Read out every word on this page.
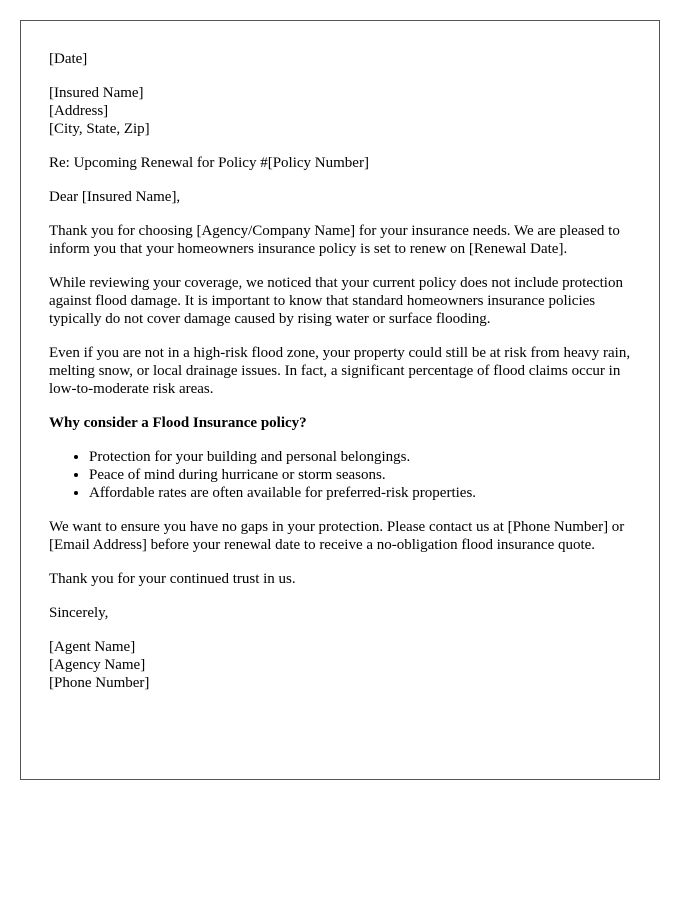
[Date]

[Insured Name]
[Address]
[City, State, Zip]

Re: Upcoming Renewal for Policy #[Policy Number]

Dear [Insured Name],

Thank you for choosing [Agency/Company Name] for your insurance needs. We are pleased to inform you that your homeowners insurance policy is set to renew on [Renewal Date].

While reviewing your coverage, we noticed that your current policy does not include protection against flood damage. It is important to know that standard homeowners insurance policies typically do not cover damage caused by rising water or surface flooding.

Even if you are not in a high-risk flood zone, your property could still be at risk from heavy rain, melting snow, or local drainage issues. In fact, a significant percentage of flood claims occur in low-to-moderate risk areas.

Why consider a Flood Insurance policy?

• Protection for your building and personal belongings.
• Peace of mind during hurricane or storm seasons.
• Affordable rates are often available for preferred-risk properties.

We want to ensure you have no gaps in your protection. Please contact us at [Phone Number] or [Email Address] before your renewal date to receive a no-obligation flood insurance quote.

Thank you for your continued trust in us.

Sincerely,

[Agent Name]
[Agency Name]
[Phone Number]
